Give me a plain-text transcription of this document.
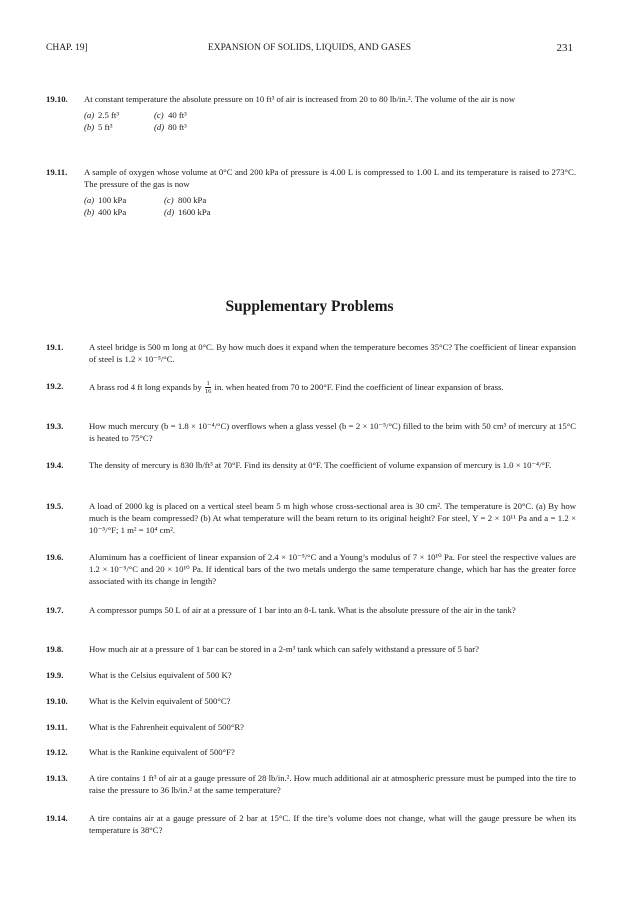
CHAP. 19]	EXPANSION OF SOLIDS, LIQUIDS, AND GASES	231
19.10.	At constant temperature the absolute pressure on 10 ft³ of air is increased from 20 to 80 lb/in.². The volume of the air is now
(a) 2.5 ft³	(c) 40 ft³
(b) 5 ft³	(d) 80 ft³
19.11.	A sample of oxygen whose volume at 0°C and 200 kPa of pressure is 4.00 L is compressed to 1.00 L and its temperature is raised to 273°C. The pressure of the gas is now
(a) 100 kPa	(c) 800 kPa
(b) 400 kPa	(d) 1600 kPa
Supplementary Problems
19.1.	A steel bridge is 500 m long at 0°C. By how much does it expand when the temperature becomes 35°C? The coefficient of linear expansion of steel is 1.2 × 10⁻⁵/°C.
19.2.	A brass rod 4 ft long expands by $\frac{1}{16}$ in. when heated from 70 to 200°F. Find the coefficient of linear expansion of brass.
19.3.	How much mercury (b = 1.8 × 10⁻⁴/°C) overflows when a glass vessel (b = 2 × 10⁻⁵/°C) filled to the brim with 50 cm³ of mercury at 15°C is heated to 75°C?
19.4.	The density of mercury is 830 lb/ft³ at 70°F. Find its density at 0°F. The coefficient of volume expansion of mercury is 1.0 × 10⁻⁴/°F.
19.5.	A load of 2000 kg is placed on a vertical steel beam 5 m high whose cross-sectional area is 30 cm². The temperature is 20°C. (a) By how much is the beam compressed? (b) At what temperature will the beam return to its original height? For steel, Y = 2 × 10¹¹ Pa and a = 1.2 × 10⁻⁵/°F; 1 m² = 10⁴ cm².
19.6.	Aluminum has a coefficient of linear expansion of 2.4 × 10⁻⁵/°C and a Young’s modulus of 7 × 10¹⁰ Pa. For steel the respective values are 1.2 × 10⁻⁵/°C and 20 × 10¹⁰ Pa. If identical bars of the two metals undergo the same temperature change, which bar has the greater force associated with its change in length?
19.7.	A compressor pumps 50 L of air at a pressure of 1 bar into an 8-L tank. What is the absolute pressure of the air in the tank?
19.8.	How much air at a pressure of 1 bar can be stored in a 2-m³ tank which can safely withstand a pressure of 5 bar?
19.9.	What is the Celsius equivalent of 500 K?
19.10.	What is the Kelvin equivalent of 500°C?
19.11.	What is the Fahrenheit equivalent of 500°R?
19.12.	What is the Rankine equivalent of 500°F?
19.13.	A tire contains 1 ft³ of air at a gauge pressure of 28 lb/in.². How much additional air at atmospheric pressure must be pumped into the tire to raise the pressure to 36 lb/in.² at the same temperature?
19.14.	A tire contains air at a gauge pressure of 2 bar at 15°C. If the tire’s volume does not change, what will the gauge pressure be when its temperature is 38°C?
